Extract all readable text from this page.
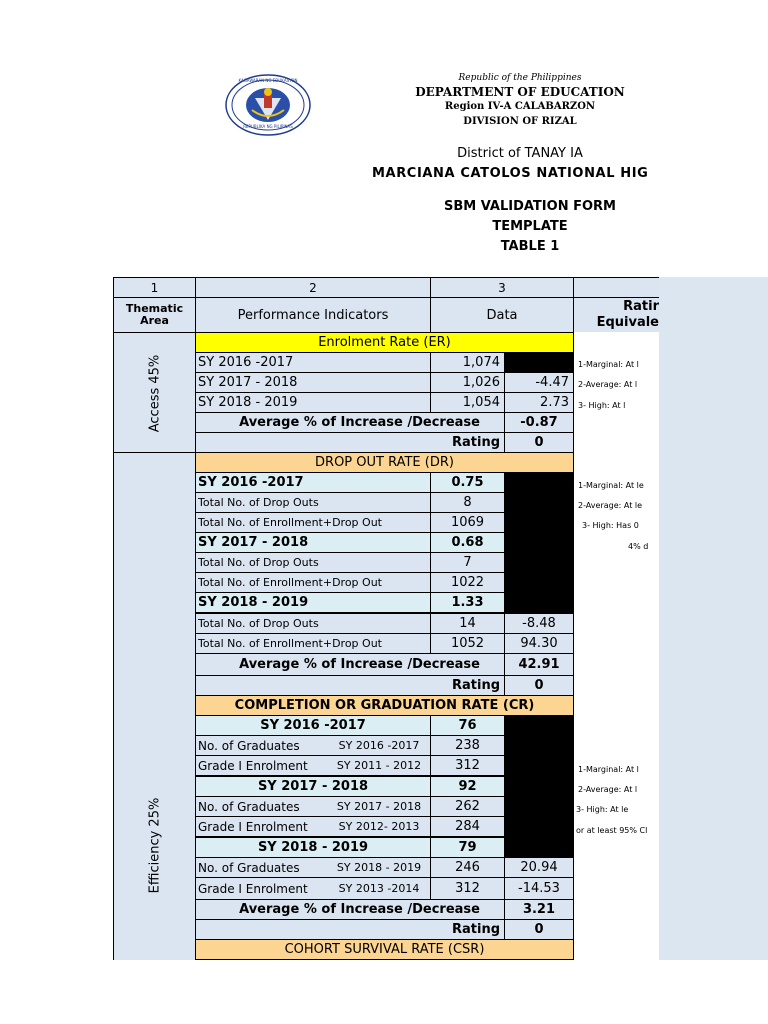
KAGAWARAN NG EDUKASYON
REPUBLIKA NG PILIPINAS
Republic of the Philippines
DEPARTMENT OF EDUCATION
Region IV-A CALABARZON
DIVISION OF RIZAL
District of TANAY IA
MARCIANA CATOLOS NATIONAL HIG
SBM VALIDATION FORM
TEMPLATE
TABLE 1
1	2	3
Thematic Area	Performance Indicators	Data
Ratir
Equivale
Access 45%
Enrolment Rate (ER)
SY 2016 -2017	1,074
SY 2017 - 2018	1,026	-4.47
SY 2018 - 2019	1,054	2.73
Average % of Increase /Decrease	-0.87
Rating	0
1-Marginal: At l
2-Average: At l
3- High: At l
Efficiency 25%
DROP OUT RATE (DR)
SY 2016 -2017	0.75
Total No. of Drop Outs	8
Total No. of Enrollment+Drop Out	1069
SY 2017 - 2018	0.68
Total No. of Drop Outs	7
Total No. of Enrollment+Drop Out	1022
SY 2018 - 2019	1.33
Total No. of Drop Outs	14	-8.48
Total No. of Enrollment+Drop Out	1052	94.30
Average % of Increase /Decrease	42.91
Rating	0
1-Marginal: At le
2-Average: At le
3- High: Has 0
4% d
COMPLETION OR GRADUATION RATE (CR)
SY 2016 -2017	76
No. of Graduates	SY 2016 -2017	238
Grade I Enrolment	SY 2011 - 2012	312
SY 2017 - 2018	92
No. of Graduates	SY 2017 - 2018	262
Grade I Enrolment	SY 2012- 2013	284
SY 2018 - 2019	79
No. of Graduates	SY 2018 - 2019	246	20.94
Grade I Enrolment	SY 2013 -2014	312	-14.53
Average % of Increase /Decrease	3.21
Rating	0
1-Marginal: At l
2-Average: At l
3- High: At le
or at least 95% Cl
COHORT SURVIVAL RATE (CSR)
